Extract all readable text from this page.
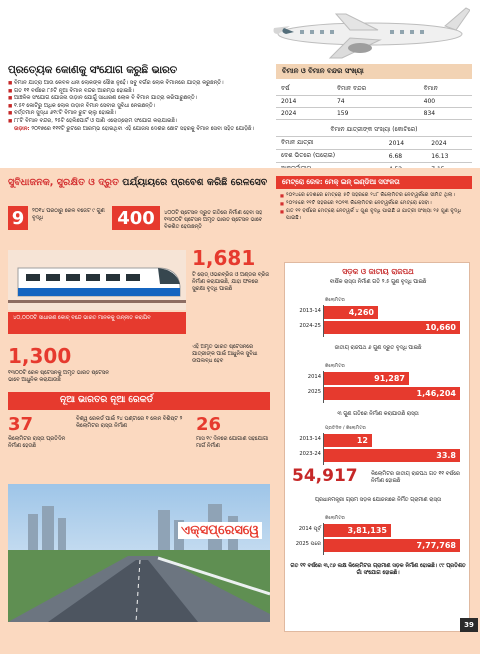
ପ୍ରତ୍ୟେକ କୋଣକୁ ସଂଯୋଗ କରୁଛି ଭାରତ
■ ବିମାନ ଯାତ୍ରା ଆଉ କେବଳ ଧନୀ ଲୋକଙ୍କ ସୌଖ ନୁହେଁ। ସବୁ ବର୍ଗର ଲୋକ ବିମାନରେ ଯାତ୍ରା କରୁଛନ୍ତି।
■ ଗତ ୧୧ ବର୍ଷରେ ୮୫ଟି ନୂଆ ବିମାନ ବନ୍ଦର ଆରମ୍ଭ ହୋଇଛି।
■ ଆଞ୍ଚଳିକ ସଂଯୋଗ ଯୋଜନା ଉଡ଼ାନ ଯୋଗୁଁ ସାଧାରଣ ଲୋକ ବି ବିମାନ ଯାତ୍ରା କରିପାରୁଛନ୍ତି।
■ ୧.୫୧ କୋଟିରୁ ଅଧିକ ଲୋକ ଉଡ଼ାନ ବିମାନ ସେବାର ସୁବିଧା ନେଇଛନ୍ତି।
■ ବର୍ତ୍ତମାନ ସୁଦ୍ଧା ୬୧୯ଟି ବିମାନ ରୁଟ ଚାଲୁ ହୋଇଛି।
■ ୮୮ଟି ବିମାନ ବନ୍ଦର, ୨୫ଟି ହେଲିପୋର୍ଟ ଓ ପାଣି ଏରୋଡ୍ରୋମ ସଂଯୋଗ କରାଯାଇଛି।
ଉଡ଼ାନ: ୨୦୧୭ରେ ୧୧୧ଟି ରୁଟରେ ଆରମ୍ଭ ହୋଇଥିବା ଏହି ଯୋଜନା ଦେଶର ଛୋଟ ସହରକୁ ବିମାନ ସେବା ସହିତ ଯୋଡ଼ିଛି।
ବିମାନ ଓ ବିମାନ ବନ୍ଦର ସଂଖ୍ୟା
ବର୍ଷ	ବିମାନ ବନ୍ଦର	ବିମାନ
2014	74	400
2024	159	834
ବିମାନ ଯାତ୍ରୀଙ୍କ ସଂଖ୍ୟା (କୋଟିରେ)
ବିମାନ ଯାତ୍ରୀ	2014	2024
ଦେଶ ଭିତରେ (ଘରୋଇ)	6.68	16.13

ସୁବିଧାଜନକ, ସୁରକ୍ଷିତ ଓ ଦ୍ରୁତ ପର୍ଯ୍ୟାୟରେ ପ୍ରବେଶ କରିଛି ରେଳସେବ
9	୨୦୧୪ ପରଠାରୁ ରେଳ ବଜେଟ ୯ ଗୁଣ ବୃଦ୍ଧି	400	୪୦୦ଟି ଷ୍ଟେସନ ଦ୍ରୁତ ଗତିରେ ନିର୍ମାଣ ହେବା ସହ ୧୩୦୦ଟି ଷ୍ଟେସନ ଅମୃତ ଭାରତ ଷ୍ଟେସନ ଭାବେ ବିକଶିତ ହେଉଛନ୍ତି
୪୦,୦୦୦ଟି ସାଧାରଣ କୋଚ୍ ବନ୍ଦେ ଭାରତ ମାନକକୁ ଉନ୍ନୀତ କରାଯିବ
1,681
ଟି ରୋଡ୍ ଓଭରବ୍ରିଜ ଓ ଅଣ୍ଡର ବ୍ରିଜ ନିର୍ମାଣ କରାଯାଇଛି, ଯାହା ଫଳରେ ସୁରକ୍ଷା ବୃଦ୍ଧି ପାଇଛି
1,300
୧୩୦୦ଟି ରେଳ ଷ୍ଟେସନକୁ ଅମୃତ ଭାରତ ଷ୍ଟେସନ ଭାବେ ଆଧୁନିକ କରାଯାଉଛି
ଏହି ଅମୃତ ଭାରତ ଷ୍ଟେସନରେ ଯାତ୍ରୀଙ୍କ ପାଇଁ ଆଧୁନିକ ସୁବିଧା ଉପଲବ୍ଧ ହେବ
ନୂଆ ଭାରତର ନୂଆ ରେକର୍ଡ
37
କିଲୋମିଟର ରାସ୍ତା ପ୍ରତିଦିନ ନିର୍ମାଣ ହେଉଛି
ବିଶ୍ୱ ରେକର୍ଡ ପାଇଁ ୨୪ ଘଣ୍ଟାରେ ୧ ଲେନ ବିଶିଷ୍ଟ ୨ କିଲୋମିଟର ରାସ୍ତା ନିର୍ମାଣ	26
ମାସ ୧୯ ଦିନରେ ଯୋଗାଣ ସହଯୋଗୀ ମାର୍ଗ ନିର୍ମାଣ
ଏକ୍ସପ୍ରେସୱେ
ମେଟ୍ରୋ ରେଳ: ମେକ୍ ଇନ୍ ଇଣ୍ଡିଆ ସଫଳତା
■ ୨୦୧୪ରେ ଦେଶରେ ମେଟ୍ରୋ ୫ଟି ସହରରେ ୨୪୮ କିଲୋମିଟର ନେଟୱର୍କରେ ସୀମିତ ଥିଲା।
■ ୨୦୨୫ରେ ୧୧ଟି ସହରରେ ୧୦୧୩ କିଲୋମିଟର ନେଟୱର୍କରେ ମେଟ୍ରୋ ସେବା।
■ ଗତ ୧୧ ବର୍ଷରେ ମେଟ୍ରୋ ନେଟୱର୍କ ୪ ଗୁଣ ବୃଦ୍ଧି ପାଇଛି ଓ ଯାତ୍ରୀ ସଂଖ୍ୟା ୨୫ ଗୁଣ ବୃଦ୍ଧି ପାଇଛି।
ସଡ଼କ ଓ ଜାତୀୟ ରାଜପଥ
ବାର୍ଷିକ ରାସ୍ତା ନିର୍ମାଣ ଗତି ୨.୫ ଗୁଣ ବୃଦ୍ଧି ପାଇଛି
କିଲୋମିଟର
2013-14
2024-25
4,260
10,660
ଜାତୀୟ ରାଜପଥ ୬ ଗୁଣ ଦ୍ରୁତ ବୃଦ୍ଧି ପାଇଛି
କିଲୋମିଟର
2014
2025
91,287
1,46,204
୩ ଗୁଣ ଗତିରେ ନିର୍ମାଣ କରାଯାଉଛି ରାସ୍ତା
ପ୍ରତିଦିନ / କିଲୋମିଟର
2013-14
2023-24
12
33.8
କିଲୋମିଟର ଜାତୀୟ ରାଜପଥ ଗତ ୧୧ ବର୍ଷରେ ନିର୍ମାଣ ହୋଇଛି
ପ୍ରଧାନମନ୍ତ୍ରୀ ଗ୍ରାମ ସଡ଼କ ଯୋଜନାରେ ନିର୍ମିତ ଗ୍ରାମୀଣ ରାସ୍ତା
କିଲୋମିଟର
2014 ପୂର୍ବ
2025 ପରେ
3,81,135
7,77,768
ଗତ ୧୧ ବର୍ଷରେ ୩,୯୬ ଲକ୍ଷ କିଲୋମିଟର ଗ୍ରାମୀଣ ସଡ଼କ ନିର୍ମାଣ ହୋଇଛି। ୯୯ ପ୍ରତିଶତ ଗାଁ ସଂଯୋଗ ହୋଇଛି।
54,917
39
